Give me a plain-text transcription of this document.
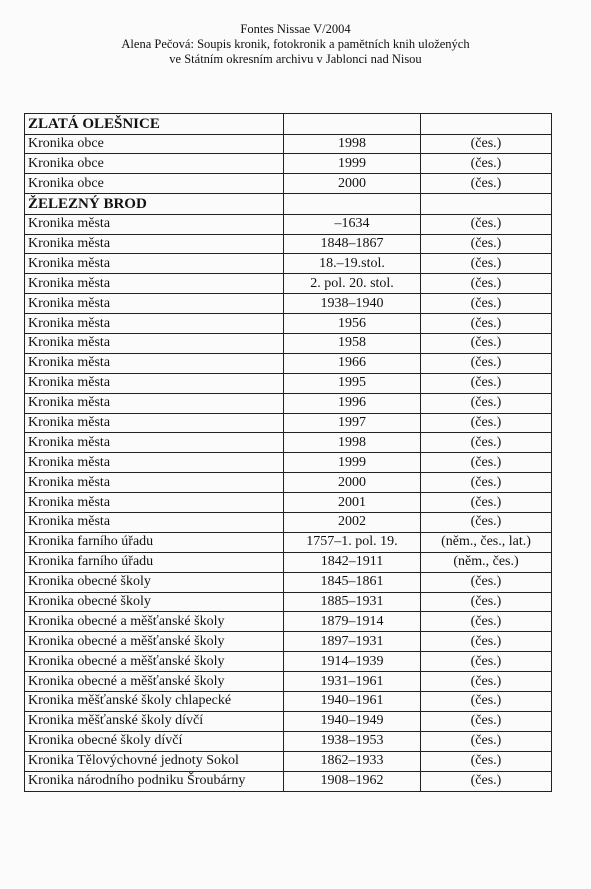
Fontes Nissae V/2004
Alena Pečová: Soupis kronik, fotokronik a pamětních knih uložených
ve Státním okresním archivu v Jablonci nad Nisou
ZLATÁ OLEŠNICE		
Kronika obce	1998	(čes.)
Kronika obce	1999	(čes.)
Kronika obce	2000	(čes.)
ŽELEZNÝ BROD		
Kronika města	–1634	(čes.)
Kronika města	1848–1867	(čes.)
Kronika města	18.–19.stol.	(čes.)
Kronika města	2. pol. 20. stol.	(čes.)
Kronika města	1938–1940	(čes.)
Kronika města	1956	(čes.)
Kronika města	1958	(čes.)
Kronika města	1966	(čes.)
Kronika města	1995	(čes.)
Kronika města	1996	(čes.)
Kronika města	1997	(čes.)
Kronika města	1998	(čes.)
Kronika města	1999	(čes.)
Kronika města	2000	(čes.)
Kronika města	2001	(čes.)
Kronika města	2002	(čes.)
Kronika farního úřadu	1757–1. pol. 19.	(něm., čes., lat.)
Kronika farního úřadu	1842–1911	(něm., čes.)
Kronika obecné školy	1845–1861	(čes.)
Kronika obecné školy	1885–1931	(čes.)
Kronika obecné a měšťanské školy	1879–1914	(čes.)
Kronika obecné a měšťanské školy	1897–1931	(čes.)
Kronika obecné a měšťanské školy	1914–1939	(čes.)
Kronika obecné a měšťanské školy	1931–1961	(čes.)
Kronika měšťanské školy chlapecké	1940–1961	(čes.)
Kronika měšťanské školy dívčí	1940–1949	(čes.)
Kronika obecné školy dívčí	1938–1953	(čes.)
Kronika Tělovýchovné jednoty Sokol	1862–1933	(čes.)
Kronika národního podniku Šroubárny	1908–1962	(čes.)
